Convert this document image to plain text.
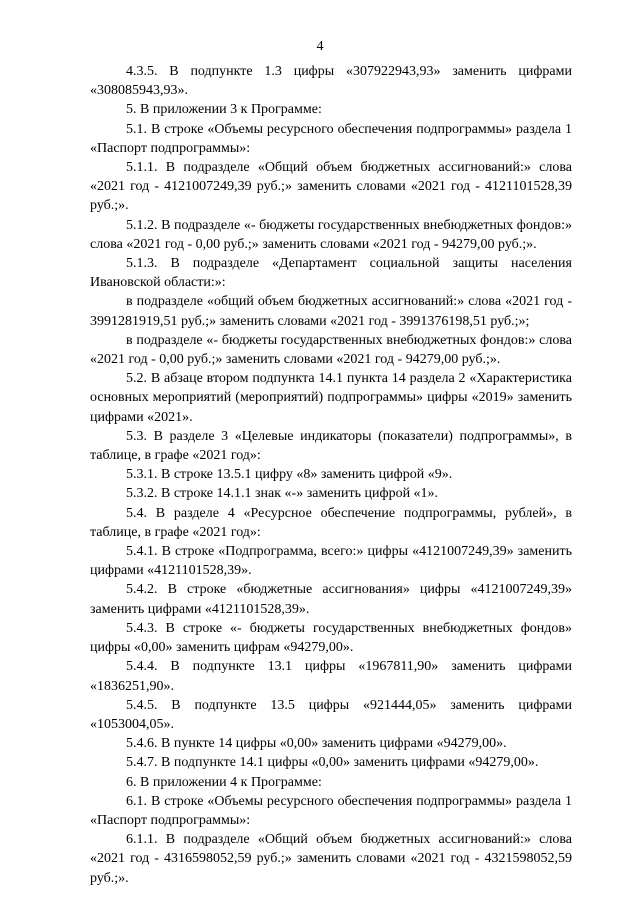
4

4.3.5. В подпункте 1.3 цифры «307922943,93» заменить цифрами «308085943,93».

5. В приложении 3 к Программе:

5.1. В строке «Объемы ресурсного обеспечения подпрограммы» раздела 1 «Паспорт подпрограммы»:

5.1.1. В подразделе «Общий объем бюджетных ассигнований:» слова «2021 год - 4121007249,39 руб.;» заменить словами «2021 год - 4121101528,39 руб.;».

5.1.2. В подразделе «- бюджеты государственных внебюджетных фондов:» слова «2021 год - 0,00 руб.;» заменить словами «2021 год - 94279,00 руб.;».

5.1.3. В подразделе «Департамент социальной защиты населения Ивановской области:»:

в подразделе «общий объем бюджетных ассигнований:» слова «2021 год - 3991281919,51 руб.;» заменить словами «2021 год - 3991376198,51 руб.;»;

в подразделе «- бюджеты государственных внебюджетных фондов:» слова «2021 год - 0,00 руб.;» заменить словами «2021 год - 94279,00 руб.;».

5.2. В абзаце втором подпункта 14.1 пункта 14 раздела 2 «Характеристика основных мероприятий (мероприятий) подпрограммы» цифры «2019» заменить цифрами «2021».

5.3. В разделе 3 «Целевые индикаторы (показатели) подпрограммы», в таблице, в графе «2021 год»:

5.3.1. В строке 13.5.1 цифру «8» заменить цифрой «9».

5.3.2. В строке 14.1.1 знак «-» заменить цифрой «1».

5.4. В разделе 4 «Ресурсное обеспечение подпрограммы, рублей», в таблице, в графе «2021 год»:

5.4.1. В строке «Подпрограмма, всего:» цифры «4121007249,39» заменить цифрами «4121101528,39».

5.4.2. В строке «бюджетные ассигнования» цифры «4121007249,39» заменить цифрами «4121101528,39».

5.4.3. В строке «- бюджеты государственных внебюджетных фондов» цифры «0,00» заменить цифрам «94279,00».

5.4.4. В подпункте 13.1 цифры «1967811,90» заменить цифрами «1836251,90».

5.4.5. В подпункте 13.5 цифры «921444,05» заменить цифрами «1053004,05».

5.4.6. В пункте 14 цифры «0,00» заменить цифрами «94279,00».

5.4.7. В подпункте 14.1 цифры «0,00» заменить цифрами «94279,00».

6. В приложении 4 к Программе:

6.1. В строке «Объемы ресурсного обеспечения подпрограммы» раздела 1 «Паспорт подпрограммы»:

6.1.1. В подразделе «Общий объем бюджетных ассигнований:» слова «2021 год - 4316598052,59 руб.;» заменить словами «2021 год - 4321598052,59 руб.;».
